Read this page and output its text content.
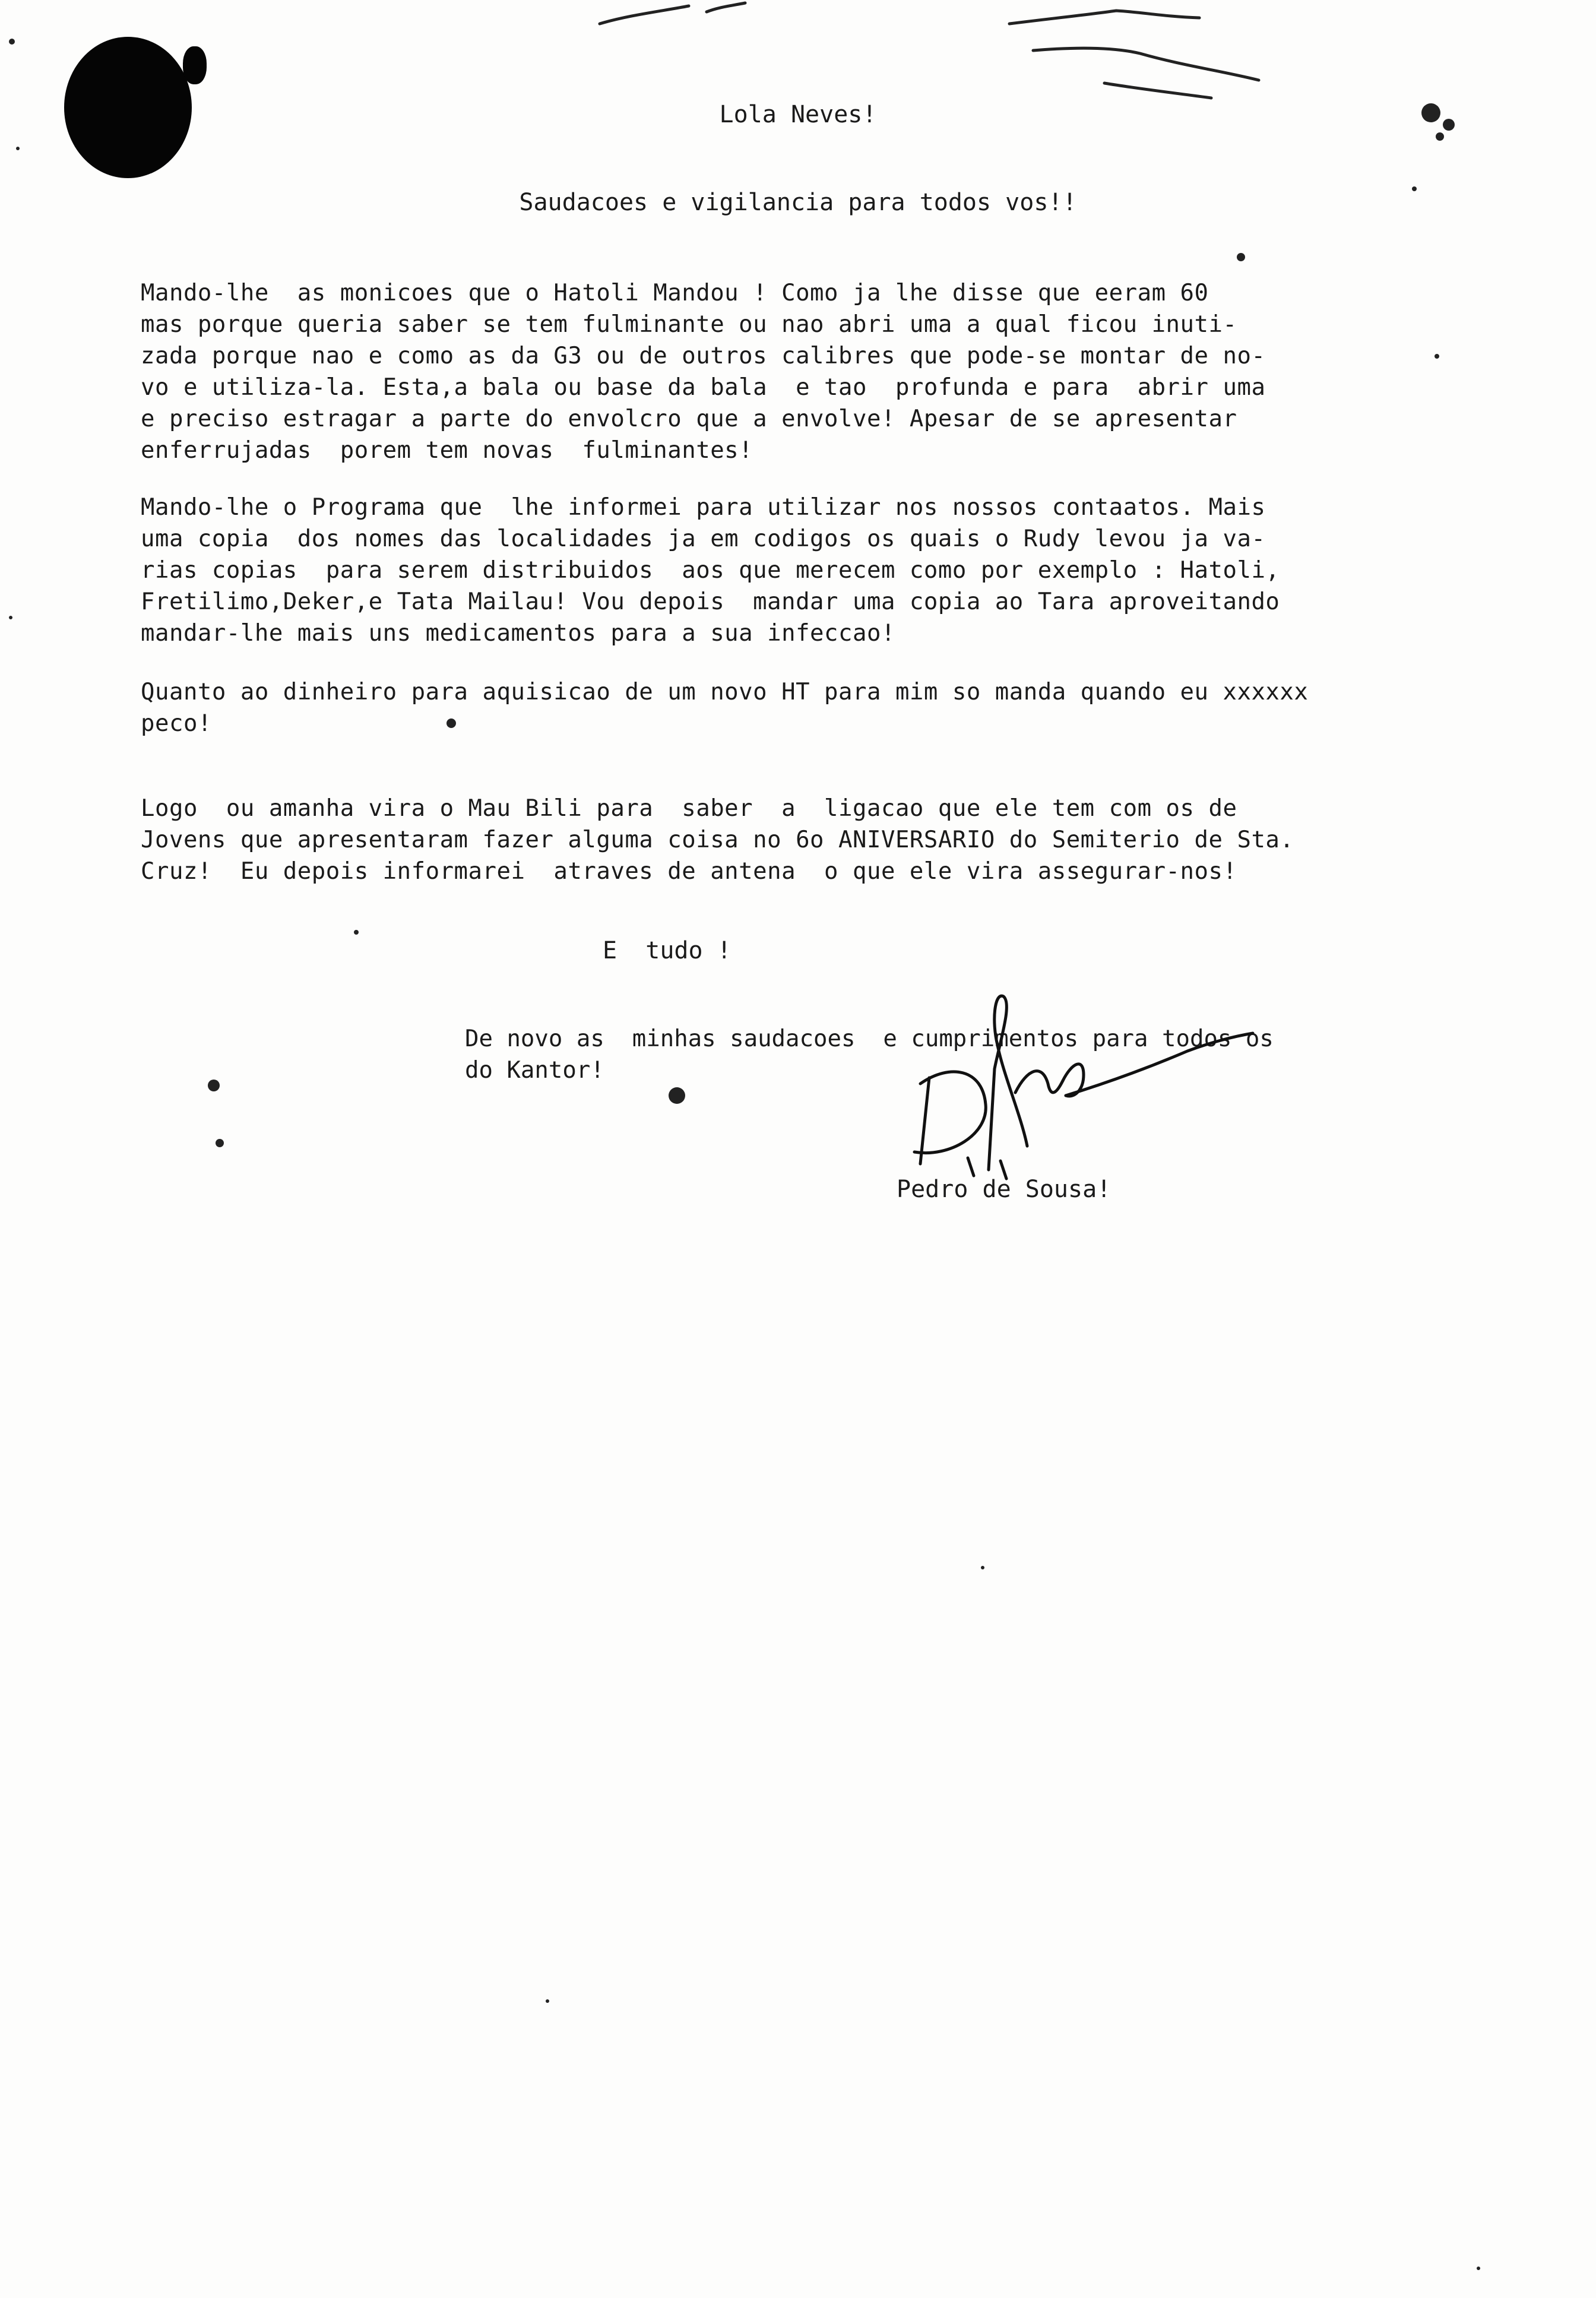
Lola Neves!
Saudacoes e vigilancia para todos vos!!

Mando-lhe  as monicoes que o Hatoli Mandou ! Como ja lhe disse que eeram 60

mas porque queria saber se tem fulminante ou nao abri uma a qual ficou inuti-

zada porque nao e como as da G3 ou de outros calibres que pode-se montar de no-

vo e utiliza-la. Esta,a bala ou base da bala  e tao  profunda e para  abrir uma

e preciso estragar a parte do envolcro que a envolve! Apesar de se apresentar

enferrujadas  porem tem novas  fulminantes!

Mando-lhe o Programa que  lhe informei para utilizar nos nossos contaatos. Mais

uma copia  dos nomes das localidades ja em codigos os quais o Rudy levou ja va-

rias copias  para serem distribuidos  aos que merecem como por exemplo : Hatoli,

Fretilimo,Deker,e Tata Mailau! Vou depois  mandar uma copia ao Tara aproveitando

mandar-lhe mais uns medicamentos para a sua infeccao!

Quanto ao dinheiro para aquisicao de um novo HT para mim so manda quando eu xxxxxx

peco!

Logo  ou amanha vira o Mau Bili para  saber  a  ligacao que ele tem com os de

Jovens que apresentaram fazer alguma coisa no 6o ANIVERSARIO do Semiterio de Sta.

Cruz!  Eu depois informarei  atraves de antena  o que ele vira assegurar-nos!

E  tudo !
De novo as  minhas saudacoes  e cumprimentos para todos os
do Kantor!
Pedro de Sousa!
